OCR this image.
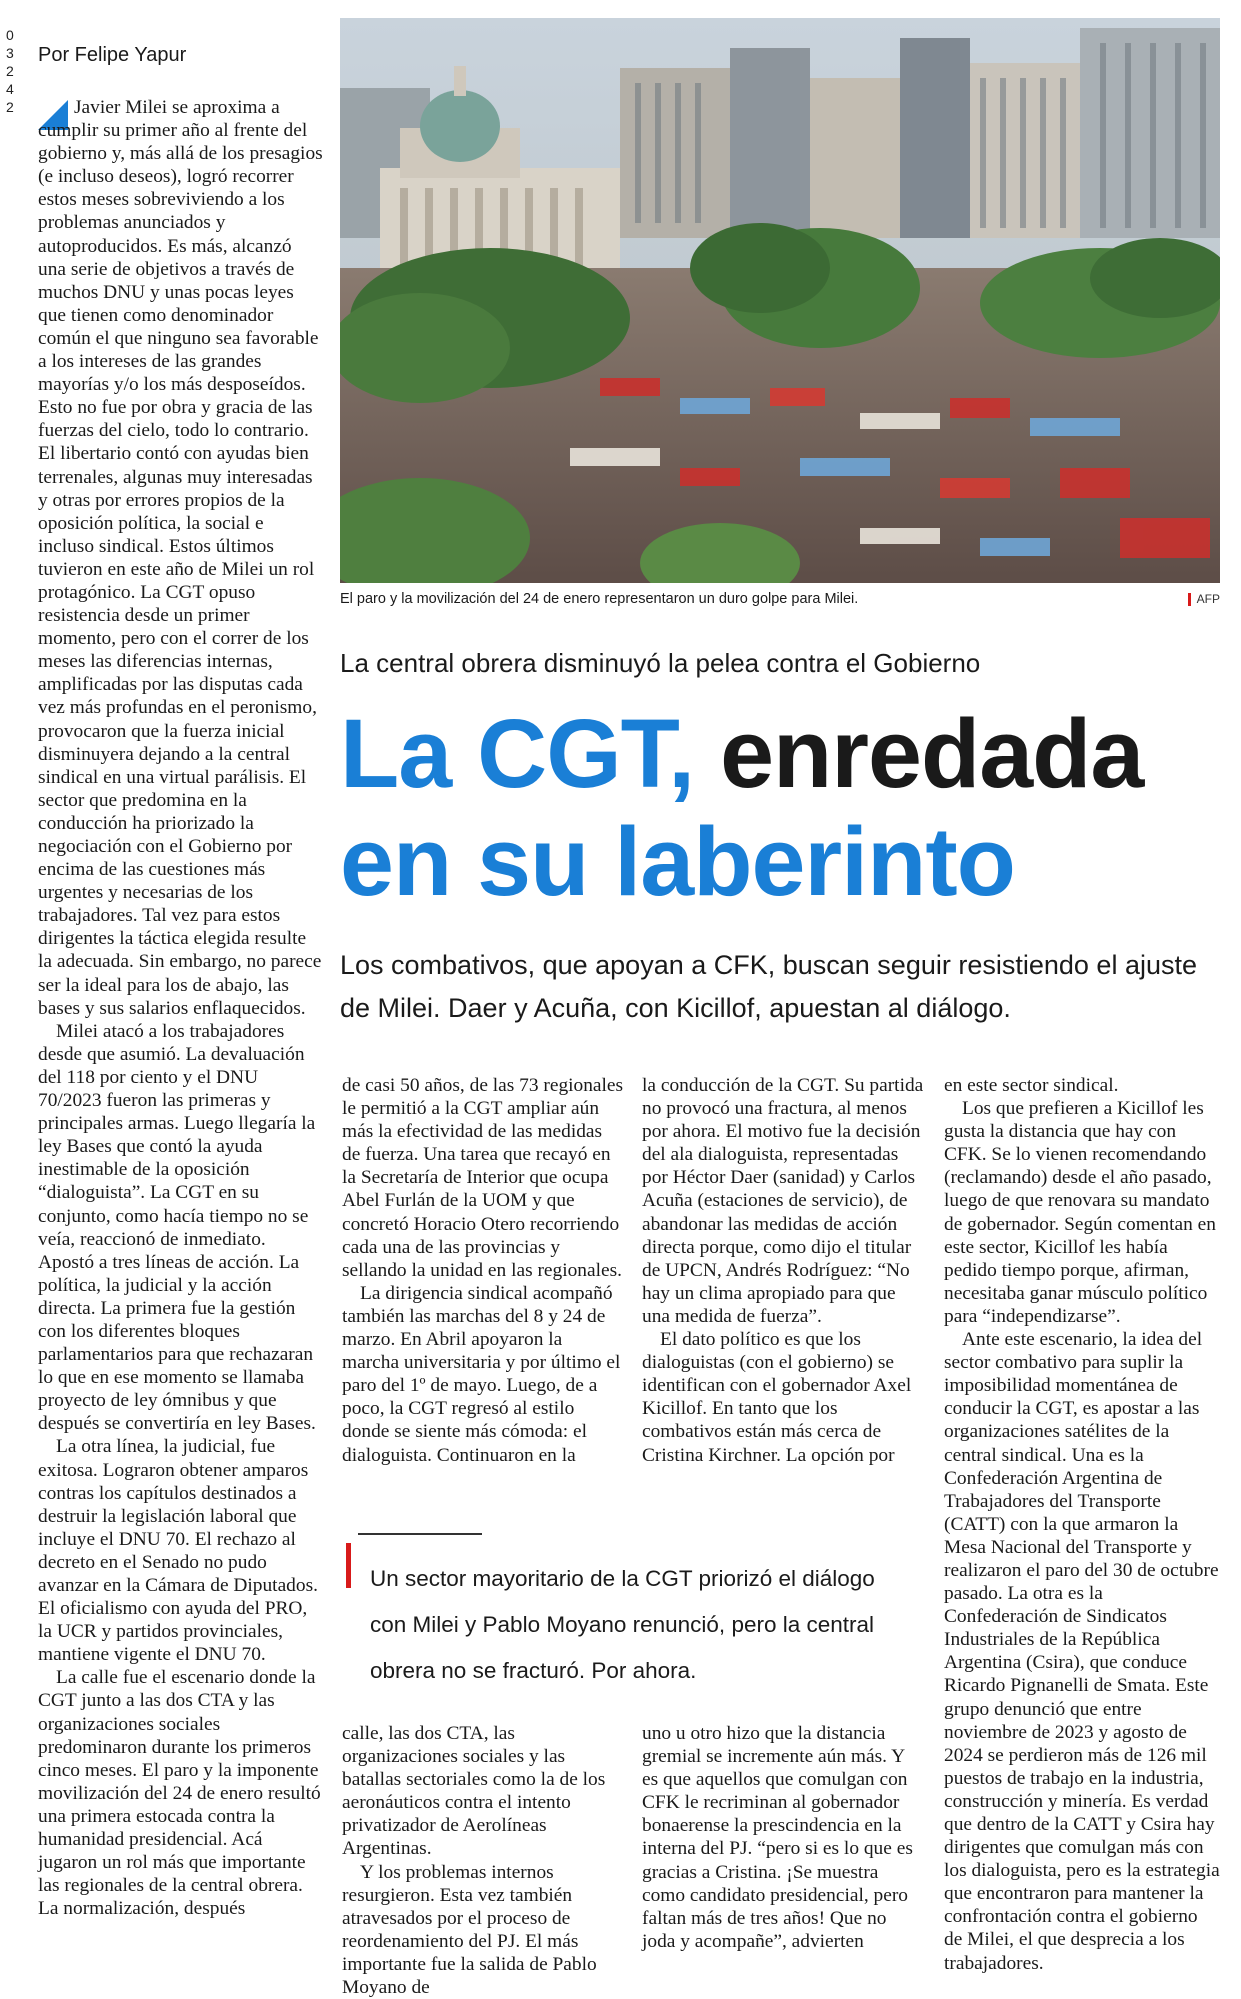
0
3
2
4
2
Por Felipe Yapur

Javier Milei se aproxima a cumplir su primer año al frente del gobierno y, más allá de los presagios (e incluso deseos), logró recorrer estos meses sobreviviendo a los problemas anunciados y autoproducidos. Es más, alcanzó una serie de objetivos a través de muchos DNU y unas pocas leyes que tienen como denominador común el que ninguno sea favorable a los intereses de las grandes mayorías y/o los más desposeídos. Esto no fue por obra y gracia de las fuerzas del cielo, todo lo contrario. El libertario contó con ayudas bien terrenales, algunas muy interesadas y otras por errores propios de la oposición política, la social e incluso sindical. Estos últimos tuvieron en este año de Milei un rol protagónico. La CGT opuso resistencia desde un primer momento, pero con el correr de los meses las diferencias internas, amplificadas por las disputas cada vez más profundas en el peronismo, provocaron que la fuerza inicial disminuyera dejando a la central sindical en una virtual parálisis. El sector que predomina en la conducción ha priorizado la negociación con el Gobierno por encima de las cuestiones más urgentes y necesarias de los trabajadores. Tal vez para estos dirigentes la táctica elegida resulte la adecuada. Sin embargo, no parece ser la ideal para los de abajo, las bases y sus salarios enflaquecidos.

Milei atacó a los trabajadores desde que asumió. La devaluación del 118 por ciento y el DNU 70/2023 fueron las primeras y principales armas. Luego llegaría la ley Bases que contó la ayuda inestimable de la oposición “dialoguista”. La CGT en su conjunto, como hacía tiempo no se veía, reaccionó de inmediato. Apostó a tres líneas de acción. La política, la judicial y la acción directa. La primera fue la gestión con los diferentes bloques parlamentarios para que rechazaran lo que en ese momento se llamaba proyecto de ley ómnibus y que después se convertiría en ley Bases.

La otra línea, la judicial, fue exitosa. Lograron obtener amparos contras los capítulos destinados a destruir la legislación laboral que incluye el DNU 70. El rechazo al decreto en el Senado no pudo avanzar en la Cámara de Diputados. El oficialismo con ayuda del PRO, la UCR y partidos provinciales, mantiene vigente el DNU 70.

La calle fue el escenario donde la CGT junto a las dos CTA y las organizaciones sociales predominaron durante los primeros cinco meses. El paro y la imponente movilización del 24 de enero resultó una primera estocada contra la humanidad presidencial. Acá jugaron un rol más que importante las regionales de la central obrera. La normalización, después

El paro y la movilización del 24 de enero representaron un duro golpe para Milei.	AFP
La central obrera disminuyó la pelea contra el Gobierno
La CGT, enredada
en su laberinto
Los combativos, que apoyan a CFK, buscan seguir resistiendo el ajuste de Milei. Daer y Acuña, con Kicillof, apuestan al diálogo.

de casi 50 años, de las 73 regionales le permitió a la CGT ampliar aún más la efectividad de las medidas de fuerza. Una tarea que recayó en la Secretaría de Interior que ocupa Abel Furlán de la UOM y que concretó Horacio Otero recorriendo cada una de las provincias y sellando la unidad en las regionales.

La dirigencia sindical acompañó también las marchas del 8 y 24 de marzo. En Abril apoyaron la marcha universitaria y por último el paro del 1º de mayo. Luego, de a poco, la CGT regresó al estilo donde se siente más cómoda: el dialoguista. Continuaron en la

la conducción de la CGT. Su partida no provocó una fractura, al menos por ahora. El motivo fue la decisión del ala dialoguista, representadas por Héctor Daer (sanidad) y Carlos Acuña (estaciones de servicio), de abandonar las medidas de acción directa porque, como dijo el titular de UPCN, Andrés Rodríguez: “No hay un clima apropiado para que una medida de fuerza”.

El dato político es que los dialoguistas (con el gobierno) se identifican con el gobernador Axel Kicillof. En tanto que los combativos están más cerca de Cristina Kirchner. La opción por

en este sector sindical.

Los que prefieren a Kicillof les gusta la distancia que hay con CFK. Se lo vienen recomendando (reclamando) desde el año pasado, luego de que renovara su mandato de gobernador. Según comentan en este sector, Kicillof les había pedido tiempo porque, afirman, necesitaba ganar músculo político para “independizarse”.

Ante este escenario, la idea del sector combativo para suplir la imposibilidad momentánea de conducir la CGT, es apostar a las organizaciones satélites de la central sindical. Una es la Confederación Argentina de Trabajadores del Transporte (CATT) con la que armaron la Mesa Nacional del Transporte y realizaron el paro del 30 de octubre pasado. La otra es la Confederación de Sindicatos Industriales de la República Argentina (Csira), que conduce Ricardo Pignanelli de Smata. Este grupo denunció que entre noviembre de 2023 y agosto de 2024 se perdieron más de 126 mil puestos de trabajo en la industria, construcción y minería. Es verdad que dentro de la CATT y Csira hay dirigentes que comulgan más con los dialoguista, pero es la estrategia que encontraron para mantener la confrontación contra el gobierno de Milei, el que desprecia a los trabajadores.

Un sector mayoritario de la CGT priorizó el diálogo con Milei y Pablo Moyano renunció, pero la central obrera no se fracturó. Por ahora.

calle, las dos CTA, las organizaciones sociales y las batallas sectoriales como la de los aeronáuticos contra el intento privatizador de Aerolíneas Argentinas.

Y los problemas internos resurgieron. Esta vez también atravesados por el proceso de reordenamiento del PJ. El más importante fue la salida de Pablo Moyano de

uno u otro hizo que la distancia gremial se incremente aún más. Y es que aquellos que comulgan con CFK le recriminan al gobernador bonaerense la prescindencia en la interna del PJ. “pero si es lo que es gracias a Cristina. ¡Se muestra como candidato presidencial, pero faltan más de tres años! Que no joda y acompañe”, advierten
